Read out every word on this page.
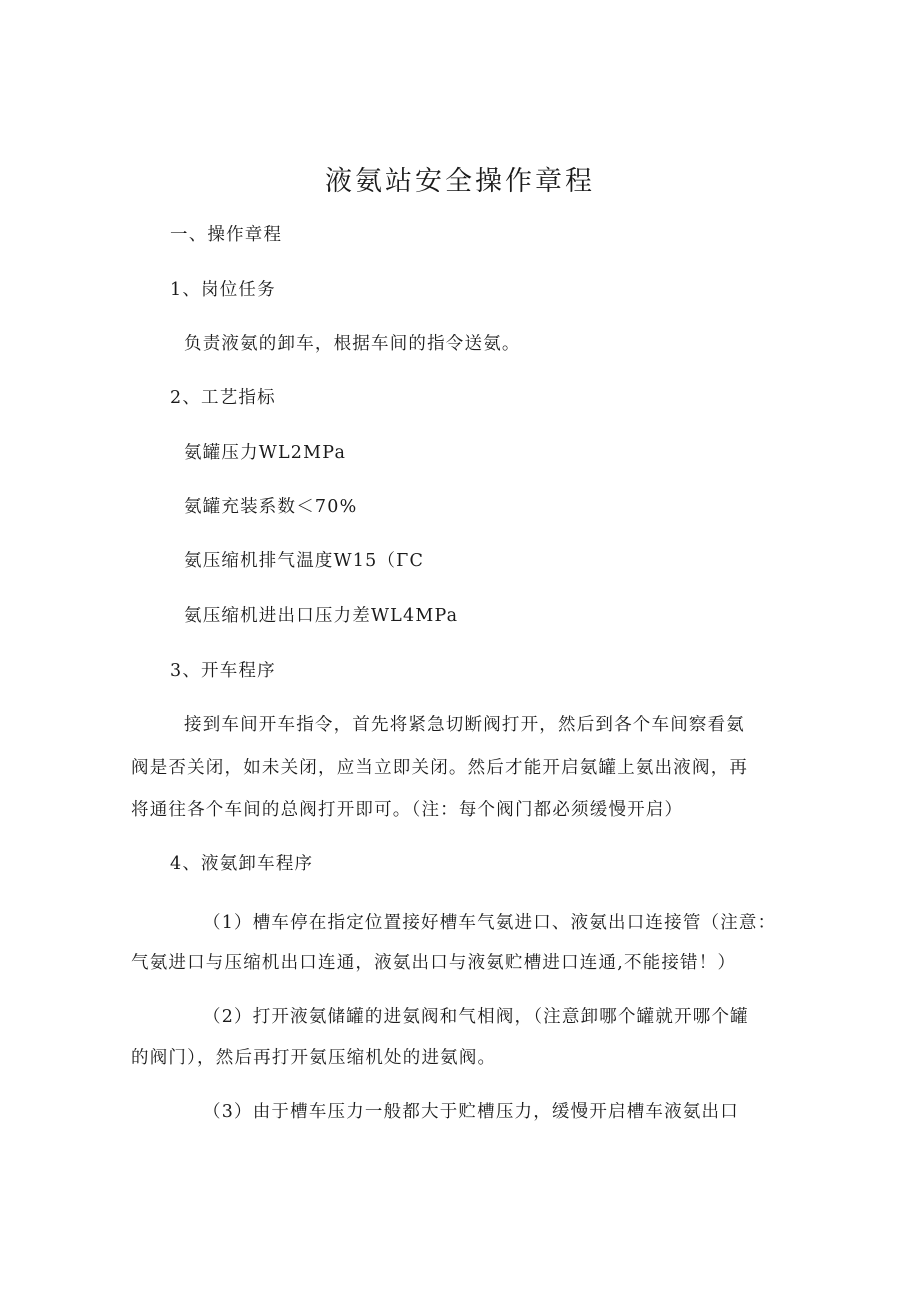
液氨站安全操作章程
一、操作章程
1、岗位任务
负责液氨的卸车，根据车间的指令送氨。
2、工艺指标
氨罐压力WL2MPa
氨罐充装系数＜70%
氨压缩机排气温度W15（ΓC
氨压缩机进出口压力差WL4MPa
3、开车程序
接到车间开车指令，首先将紧急切断阀打开，然后到各个车间察看氨
阀是否关闭，如未关闭，应当立即关闭。然后才能开启氨罐上氨出液阀，再
将通往各个车间的总阀打开即可。（注：每个阀门都必须缓慢开启）
4、液氨卸车程序
（1）槽车停在指定位置接好槽车气氨进口、液氨出口连接管（注意：
气氨进口与压缩机出口连通，液氨出口与液氨贮槽进口连通,不能接错！）
（2）打开液氨储罐的进氨阀和气相阀，（注意卸哪个罐就开哪个罐
的阀门），然后再打开氨压缩机处的进氨阀。
（3）由于槽车压力一般都大于贮槽压力，缓慢开启槽车液氨出口
